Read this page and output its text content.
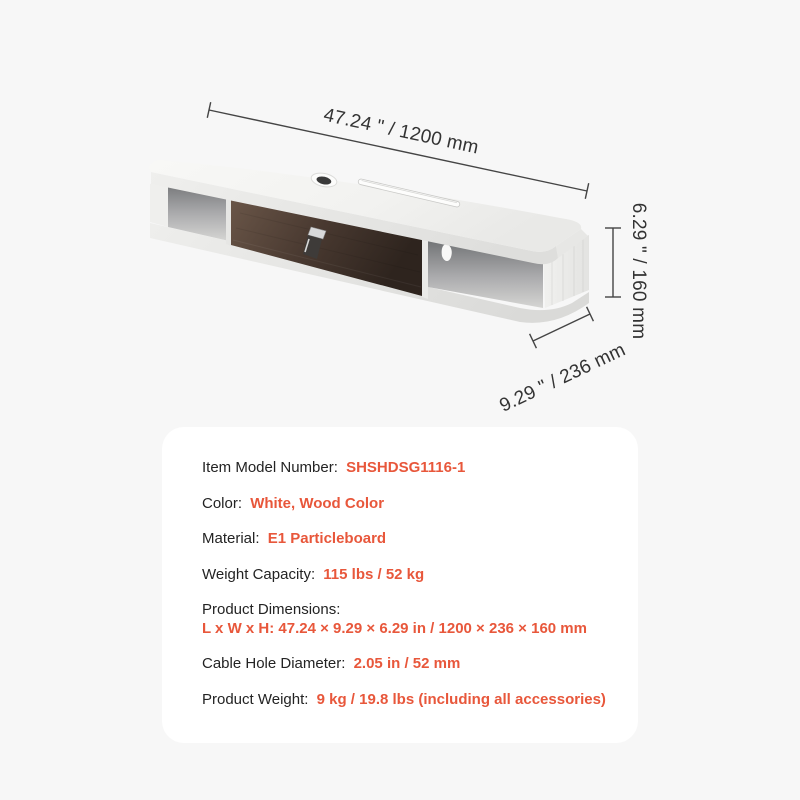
47.24 " / 1200 mm
6.29 " / 160 mm
9.29 " / 236 mm
Item Model Number: SHSHDSG1116-1
Color: White, Wood Color
Material: E1 Particleboard
Weight Capacity: 115 lbs / 52 kg
Product Dimensions:
L x W x H: 47.24 × 9.29 × 6.29 in / 1200 × 236 × 160 mm
Cable Hole Diameter: 2.05 in / 52 mm
Product Weight: 9 kg / 19.8 lbs (including all accessories)
